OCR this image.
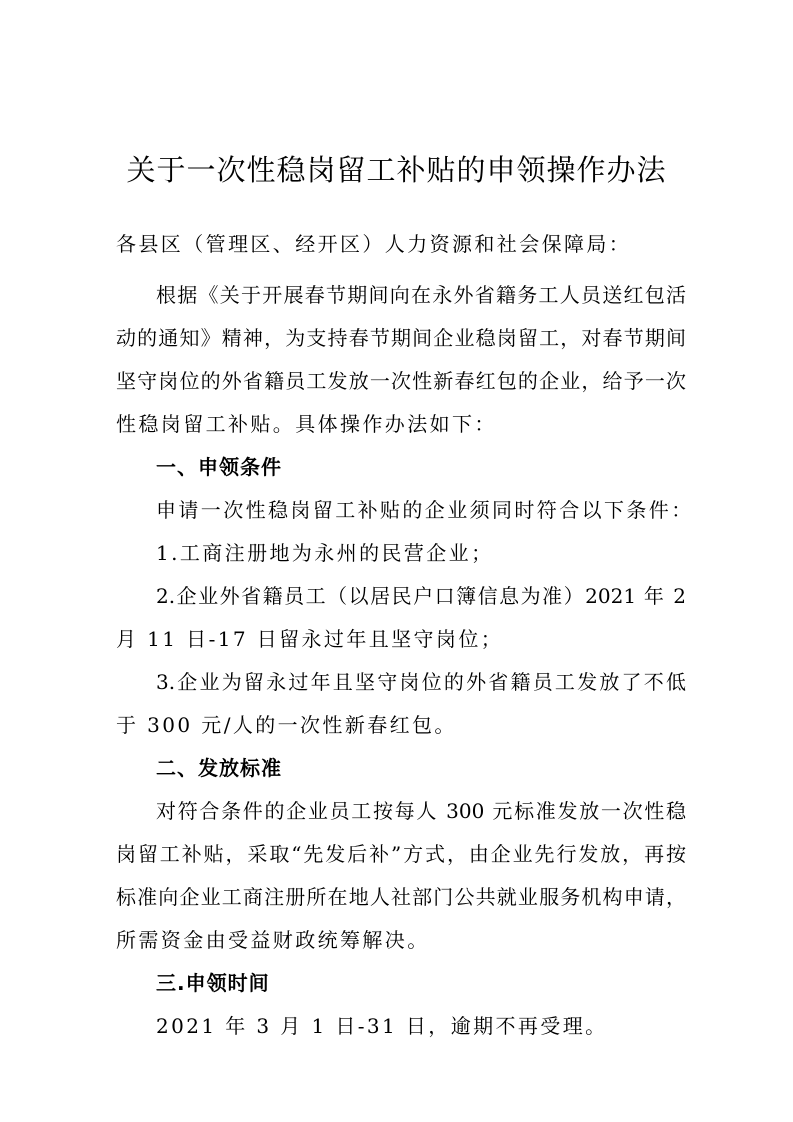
关于一次性稳岗留工补贴的申领操作办法
各县区（管理区、经开区）人力资源和社会保障局：
根据《关于开展春节期间向在永外省籍务工人员送红包活
动的通知》精神，为支持春节期间企业稳岗留工，对春节期间
坚守岗位的外省籍员工发放一次性新春红包的企业，给予一次
性稳岗留工补贴。具体操作办法如下：
一、申领条件
申请一次性稳岗留工补贴的企业须同时符合以下条件：
1.工商注册地为永州的民营企业；
2.企业外省籍员工（以居民户口簿信息为准）2021 年 2
月 11 日-17 日留永过年且坚守岗位；
3.企业为留永过年且坚守岗位的外省籍员工发放了不低
于 300 元/人的一次性新春红包。
二、发放标准
对符合条件的企业员工按每人 300 元标准发放一次性稳
岗留工补贴，采取“先发后补”方式，由企业先行发放，再按
标准向企业工商注册所在地人社部门公共就业服务机构申请，
所需资金由受益财政统筹解决。
三.申领时间
2021 年 3 月 1 日-31 日，逾期不再受理。
